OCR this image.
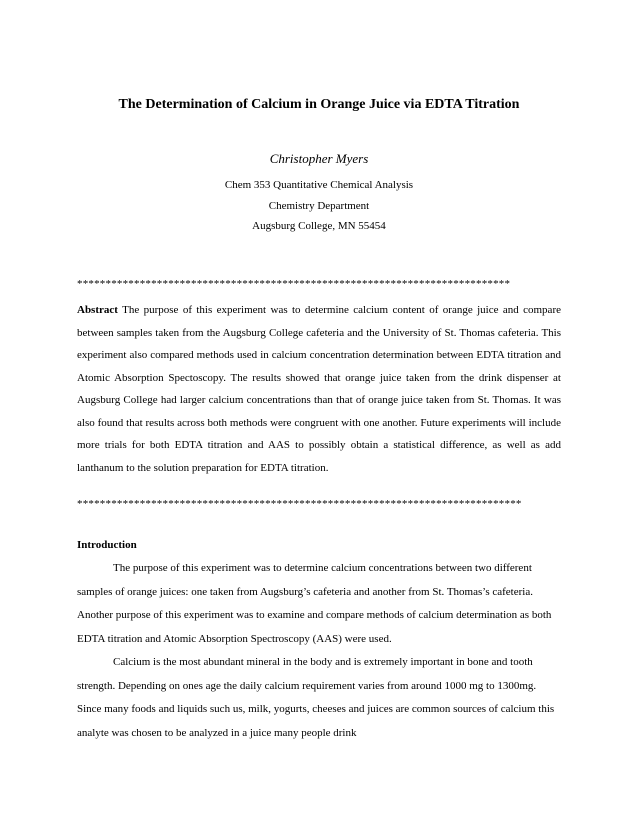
The Determination of Calcium in Orange Juice via EDTA Titration
Christopher Myers
Chem 353 Quantitative Chemical Analysis
Chemistry Department
Augsburg College, MN 55454
****************************************************************************
Abstract The purpose of this experiment was to determine calcium content of orange juice and compare between samples taken from the Augsburg College cafeteria and the University of St. Thomas cafeteria. This experiment also compared methods used in calcium concentration determination between EDTA titration and Atomic Absorption Spectoscopy. The results showed that orange juice taken from the drink dispenser at Augsburg College had larger calcium concentrations than that of orange juice taken from St. Thomas. It was also found that results across both methods were congruent with one another. Future experiments will include more trials for both EDTA titration and AAS to possibly obtain a statistical difference, as well as add lanthanum to the solution preparation for EDTA titration.
******************************************************************************
Introduction

The purpose of this experiment was to determine calcium concentrations between two different samples of orange juices: one taken from Augsburg’s cafeteria and another from St. Thomas’s cafeteria. Another purpose of this experiment was to examine and compare methods of calcium determination as both EDTA titration and Atomic Absorption Spectroscopy (AAS) were used.

Calcium is the most abundant mineral in the body and is extremely important in bone and tooth strength. Depending on ones age the daily calcium requirement varies from around 1000 mg to 1300mg. Since many foods and liquids such us, milk, yogurts, cheeses and juices are common sources of calcium this analyte was chosen to be analyzed in a juice many people drink
